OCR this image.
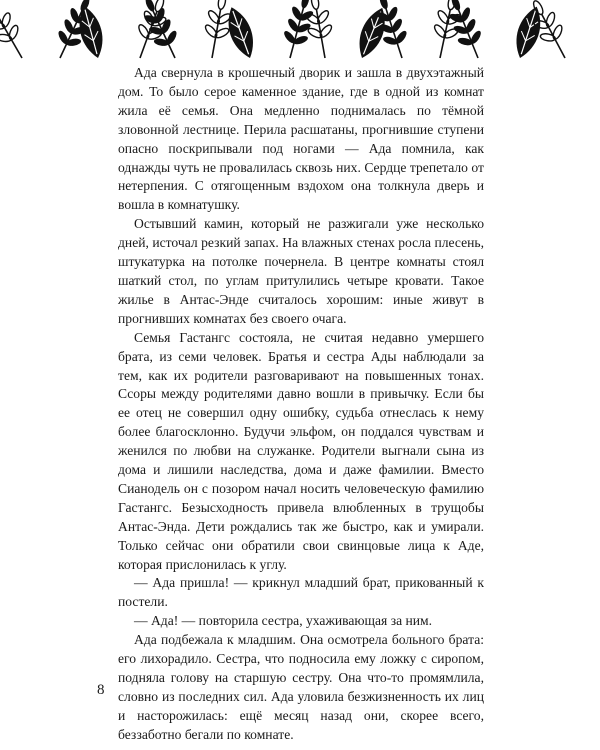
Ада свернула в крошечный дворик и зашла в двухэтажный дом. То было серое каменное здание, где в одной из комнат жила её семья. Она медленно поднималась по тёмной зловонной лестнице. Перила расшатаны, прогнившие ступени опасно поскрипывали под ногами — Ада помнила, как однажды чуть не провалилась сквозь них. Сердце трепетало от нетерпения. С отягощенным вздохом она толкнула дверь и вошла в комнатушку.

Остывший камин, который не разжигали уже несколько дней, источал резкий запах. На влажных стенах росла плесень, штукатурка на потолке почернела. В центре комнаты стоял шаткий стол, по углам притулились четыре кровати. Такое жилье в Антас-Энде считалось хорошим: иные живут в прогнивших комнатах без своего очага.

Семья Гастангс состояла, не считая недавно умершего брата, из семи человек. Братья и сестра Ады наблюдали за тем, как их родители разговаривают на повышенных тонах. Ссоры между родителями давно вошли в привычку. Если бы ее отец не совершил одну ошибку, судьба отнеслась к нему более благосклонно. Будучи эльфом, он поддался чувствам и женился по любви на служанке. Родители выгнали сына из дома и лишили наследства, дома и даже фамилии. Вместо Сианодель он с позором начал носить человеческую фамилию Гастангс. Безысходность привела влюбленных в трущобы Антас-Энда. Дети рождались так же быстро, как и умирали. Только сейчас они обратили свои свинцовые лица к Аде, которая прислонилась к углу.

— Ада пришла! — крикнул младший брат, прикованный к постели.

— Ада! — повторила сестра, ухаживающая за ним.

Ада подбежала к младшим. Она осмотрела больного брата: его лихорадило. Сестра, что подносила ему ложку с сиропом, подняла голову на старшую сестру. Она что-то промямлила, словно из последних сил. Ада уловила безжизненность их лиц и насторожилась: ещё месяц назад они, скорее всего, беззаботно бегали по комнате.

8
